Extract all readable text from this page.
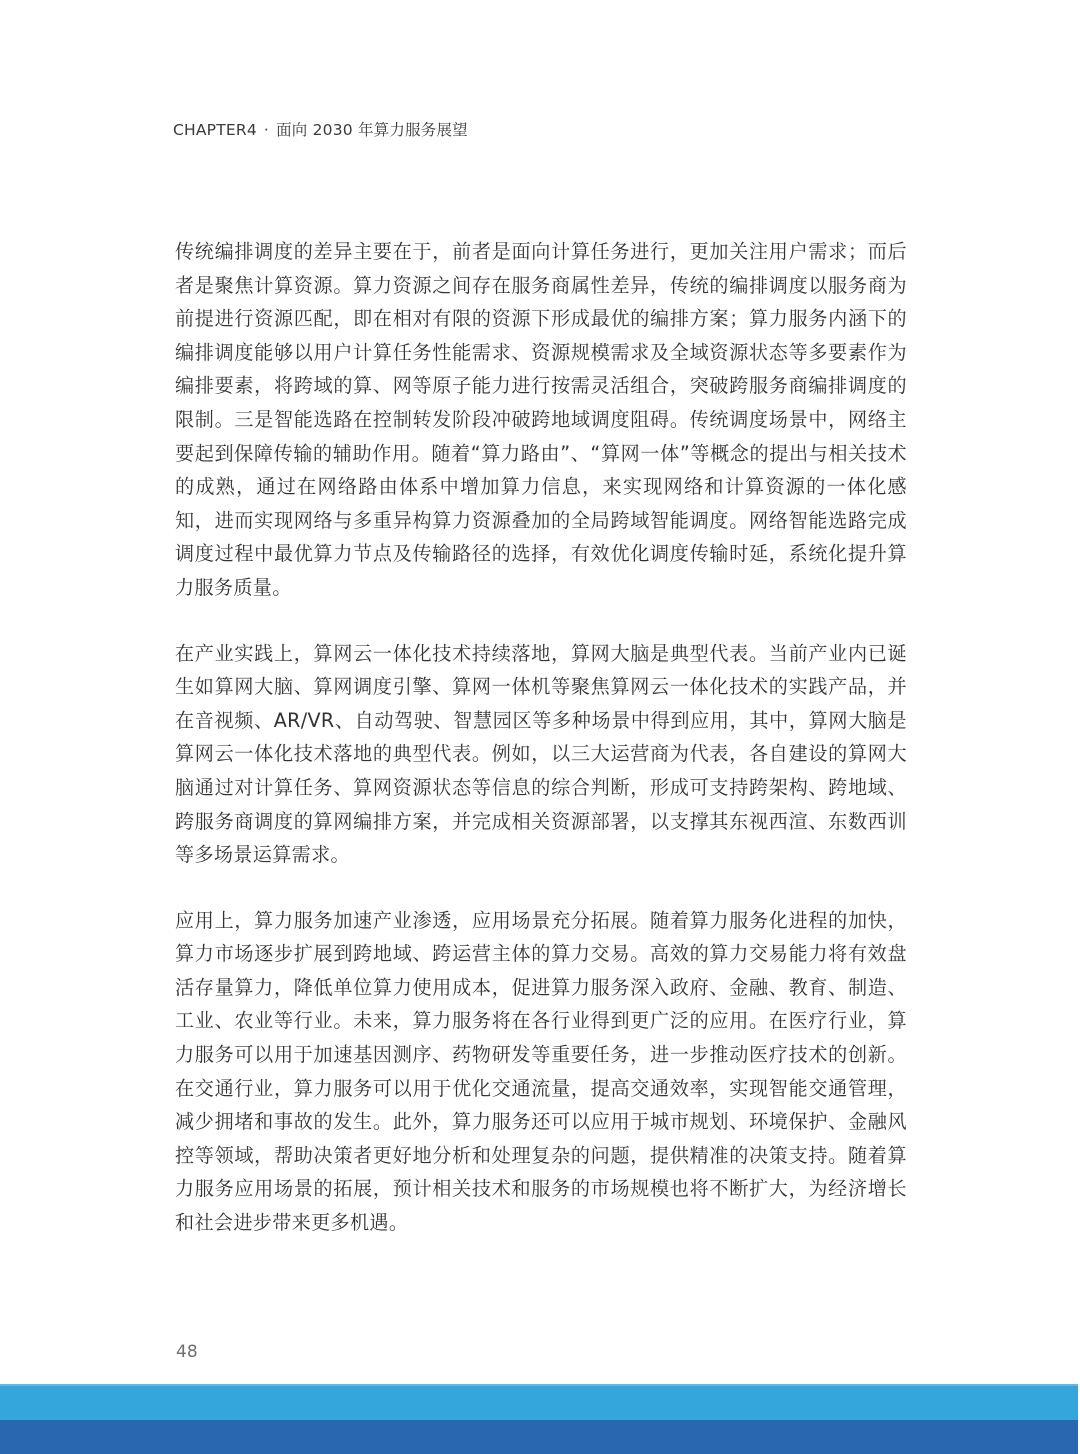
CHAPTER4 · 面向 2030 年算力服务展望

传统编排调度的差异主要在于，前者是面向计算任务进行，更加关注用户需求；而后者是聚焦计算资源。算力资源之间存在服务商属性差异，传统的编排调度以服务商为前提进行资源匹配，即在相对有限的资源下形成最优的编排方案；算力服务内涵下的编排调度能够以用户计算任务性能需求、资源规模需求及全域资源状态等多要素作为编排要素，将跨域的算、网等原子能力进行按需灵活组合，突破跨服务商编排调度的限制。三是智能选路在控制转发阶段冲破跨地域调度阻碍。传统调度场景中，网络主要起到保障传输的辅助作用。随着“算力路由”、“算网一体”等概念的提出与相关技术的成熟，通过在网络路由体系中增加算力信息，来实现网络和计算资源的一体化感知，进而实现网络与多重异构算力资源叠加的全局跨域智能调度。网络智能选路完成调度过程中最优算力节点及传输路径的选择，有效优化调度传输时延，系统化提升算力服务质量。

在产业实践上，算网云一体化技术持续落地，算网大脑是典型代表。当前产业内已诞生如算网大脑、算网调度引擎、算网一体机等聚焦算网云一体化技术的实践产品，并在音视频、AR/VR、自动驾驶、智慧园区等多种场景中得到应用，其中，算网大脑是算网云一体化技术落地的典型代表。例如，以三大运营商为代表，各自建设的算网大脑通过对计算任务、算网资源状态等信息的综合判断，形成可支持跨架构、跨地域、跨服务商调度的算网编排方案，并完成相关资源部署，以支撑其东视西渲、东数西训等多场景运算需求。

应用上，算力服务加速产业渗透，应用场景充分拓展。随着算力服务化进程的加快，算力市场逐步扩展到跨地域、跨运营主体的算力交易。高效的算力交易能力将有效盘活存量算力，降低单位算力使用成本，促进算力服务深入政府、金融、教育、制造、工业、农业等行业。未来，算力服务将在各行业得到更广泛的应用。在医疗行业，算力服务可以用于加速基因测序、药物研发等重要任务，进一步推动医疗技术的创新。在交通行业，算力服务可以用于优化交通流量，提高交通效率，实现智能交通管理，减少拥堵和事故的发生。此外，算力服务还可以应用于城市规划、环境保护、金融风控等领域，帮助决策者更好地分析和处理复杂的问题，提供精准的决策支持。随着算力服务应用场景的拓展，预计相关技术和服务的市场规模也将不断扩大，为经济增长和社会进步带来更多机遇。

48
